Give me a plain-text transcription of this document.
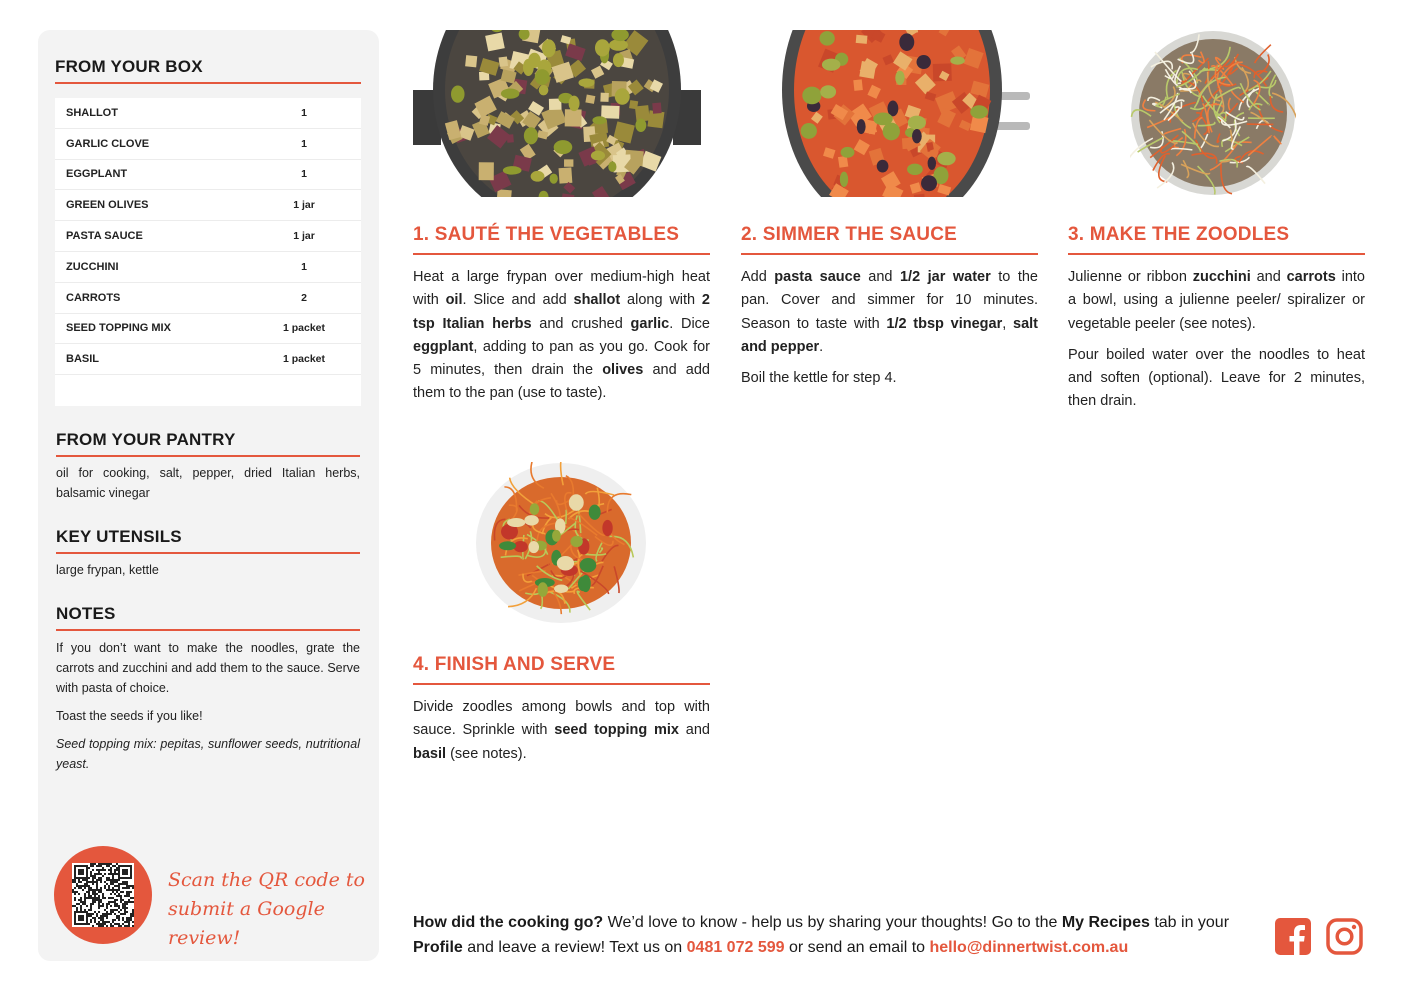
FROM YOUR BOX
SHALLOT	1
GARLIC CLOVE	1
EGGPLANT	1
GREEN OLIVES	1 jar
PASTA SAUCE	1 jar
ZUCCHINI	1
CARROTS	2
SEED TOPPING MIX	1 packet
BASIL	1 packet
FROM YOUR PANTRY
oil for cooking, salt, pepper, dried Italian herbs, balsamic vinegar
KEY UTENSILS
large frypan, kettle
NOTES

If you don’t want to make the noodles, grate the carrots and zucchini and add them to the sauce. Serve with pasta of choice.

Toast the seeds if you like!

Seed topping mix: pepitas, sunflower seeds, nutritional yeast.

Scan the QR code to
submit a Google review!
1. SAUTÉ THE VEGETABLES

Heat a large frypan over medium-high heat with oil. Slice and add shallot along with 2 tsp Italian herbs and crushed garlic. Dice eggplant, adding to pan as you go. Cook for 5 minutes, then drain the olives and add them to the pan (use to taste).

2. SIMMER THE SAUCE

Add pasta sauce and 1/2 jar water to the pan. Cover and simmer for 10 minutes. Season to taste with 1/2 tbsp vinegar, salt and pepper.

Boil the kettle for step 4.

3. MAKE THE ZOODLES

Julienne or ribbon zucchini and carrots into a bowl, using a julienne peeler/ spiralizer or vegetable peeler (see notes).

Pour boiled water over the noodles to heat and soften (optional). Leave for 2 minutes, then drain.

4. FINISH AND SERVE

Divide zoodles among bowls and top with sauce. Sprinkle with seed topping mix and basil (see notes).

How did the cooking go? We’d love to know - help us by sharing your thoughts! Go to the My Recipes tab in your Profile and leave a review! Text us on 0481 072 599 or send an email to hello@dinnertwist.com.au
